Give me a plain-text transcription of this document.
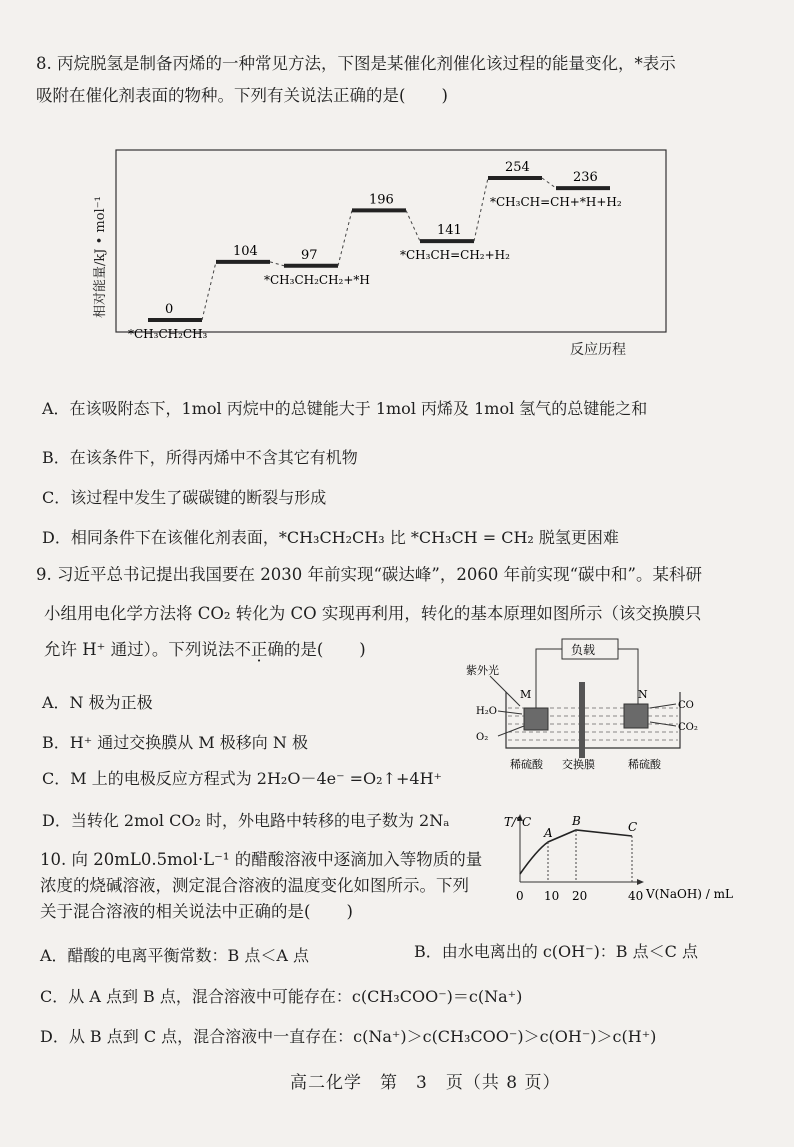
8. 丙烷脱氢是制备丙烯的一种常见方法，下图是某催化剂催化该过程的能量变化，*表示
吸附在催化剂表面的物种。下列有关说法正确的是( )
相对能量/kJ • mol⁻¹
反应历程
0
*CH₃CH₂CH₃
104	97
*CH₃CH₂CH₂+*H
196
141
*CH₃CH=CH₂+H₂
254
236
*CH₃CH=CH+*H+H₂
A．在该吸附态下，1mol 丙烷中的总键能大于 1mol 丙烯及 1mol 氢气的总键能之和
B．在该条件下，所得丙烯中不含其它有机物
C．该过程中发生了碳碳键的断裂与形成
D．相同条件下在该催化剂表面，*CH₃CH₂CH₃ 比 *CH₃CH = CH₂ 脱氢更困难
9. 习近平总书记提出我国要在 2030 年前实现“碳达峰”，2060 年前实现“碳中和”。某科研
小组用电化学方法将 CO₂ 转化为 CO 实现再利用，转化的基本原理如图所示（该交换膜只
允许 H⁺ 通过）。下列说法不正确的是( )	负载
紫外光
M	N
H₂O
O₂
CO
CO₂
稀硫酸 交换膜	稀硫酸
A．N 极为正极
B．H⁺ 通过交换膜从 M 极移向 N 极
C．M 上的电极反应方程式为 2H₂O－4e⁻ =O₂↑+4H⁺
D．当转化 2mol CO₂ 时，外电路中转移的电子数为 2Nₐ
10. 向 20mL0.5mol·L⁻¹ 的醋酸溶液中逐滴加入等物质的量
浓度的烧碱溶液，测定混合溶液的温度变化如图所示。下列
关于混合溶液的相关说法中正确的是( )
T/°C
A
B	C
0 10 20	40 V(NaOH) / mL
A．醋酸的电离平衡常数：B 点＜A 点	B．由水电离出的 c(OH⁻)：B 点＜C 点
C．从 A 点到 B 点，混合溶液中可能存在：c(CH₃COO⁻)＝c(Na⁺)
D．从 B 点到 C 点，混合溶液中一直存在：c(Na⁺)＞c(CH₃COO⁻)＞c(OH⁻)＞c(H⁺)
高二化学　第　3　页（共 8 页）
